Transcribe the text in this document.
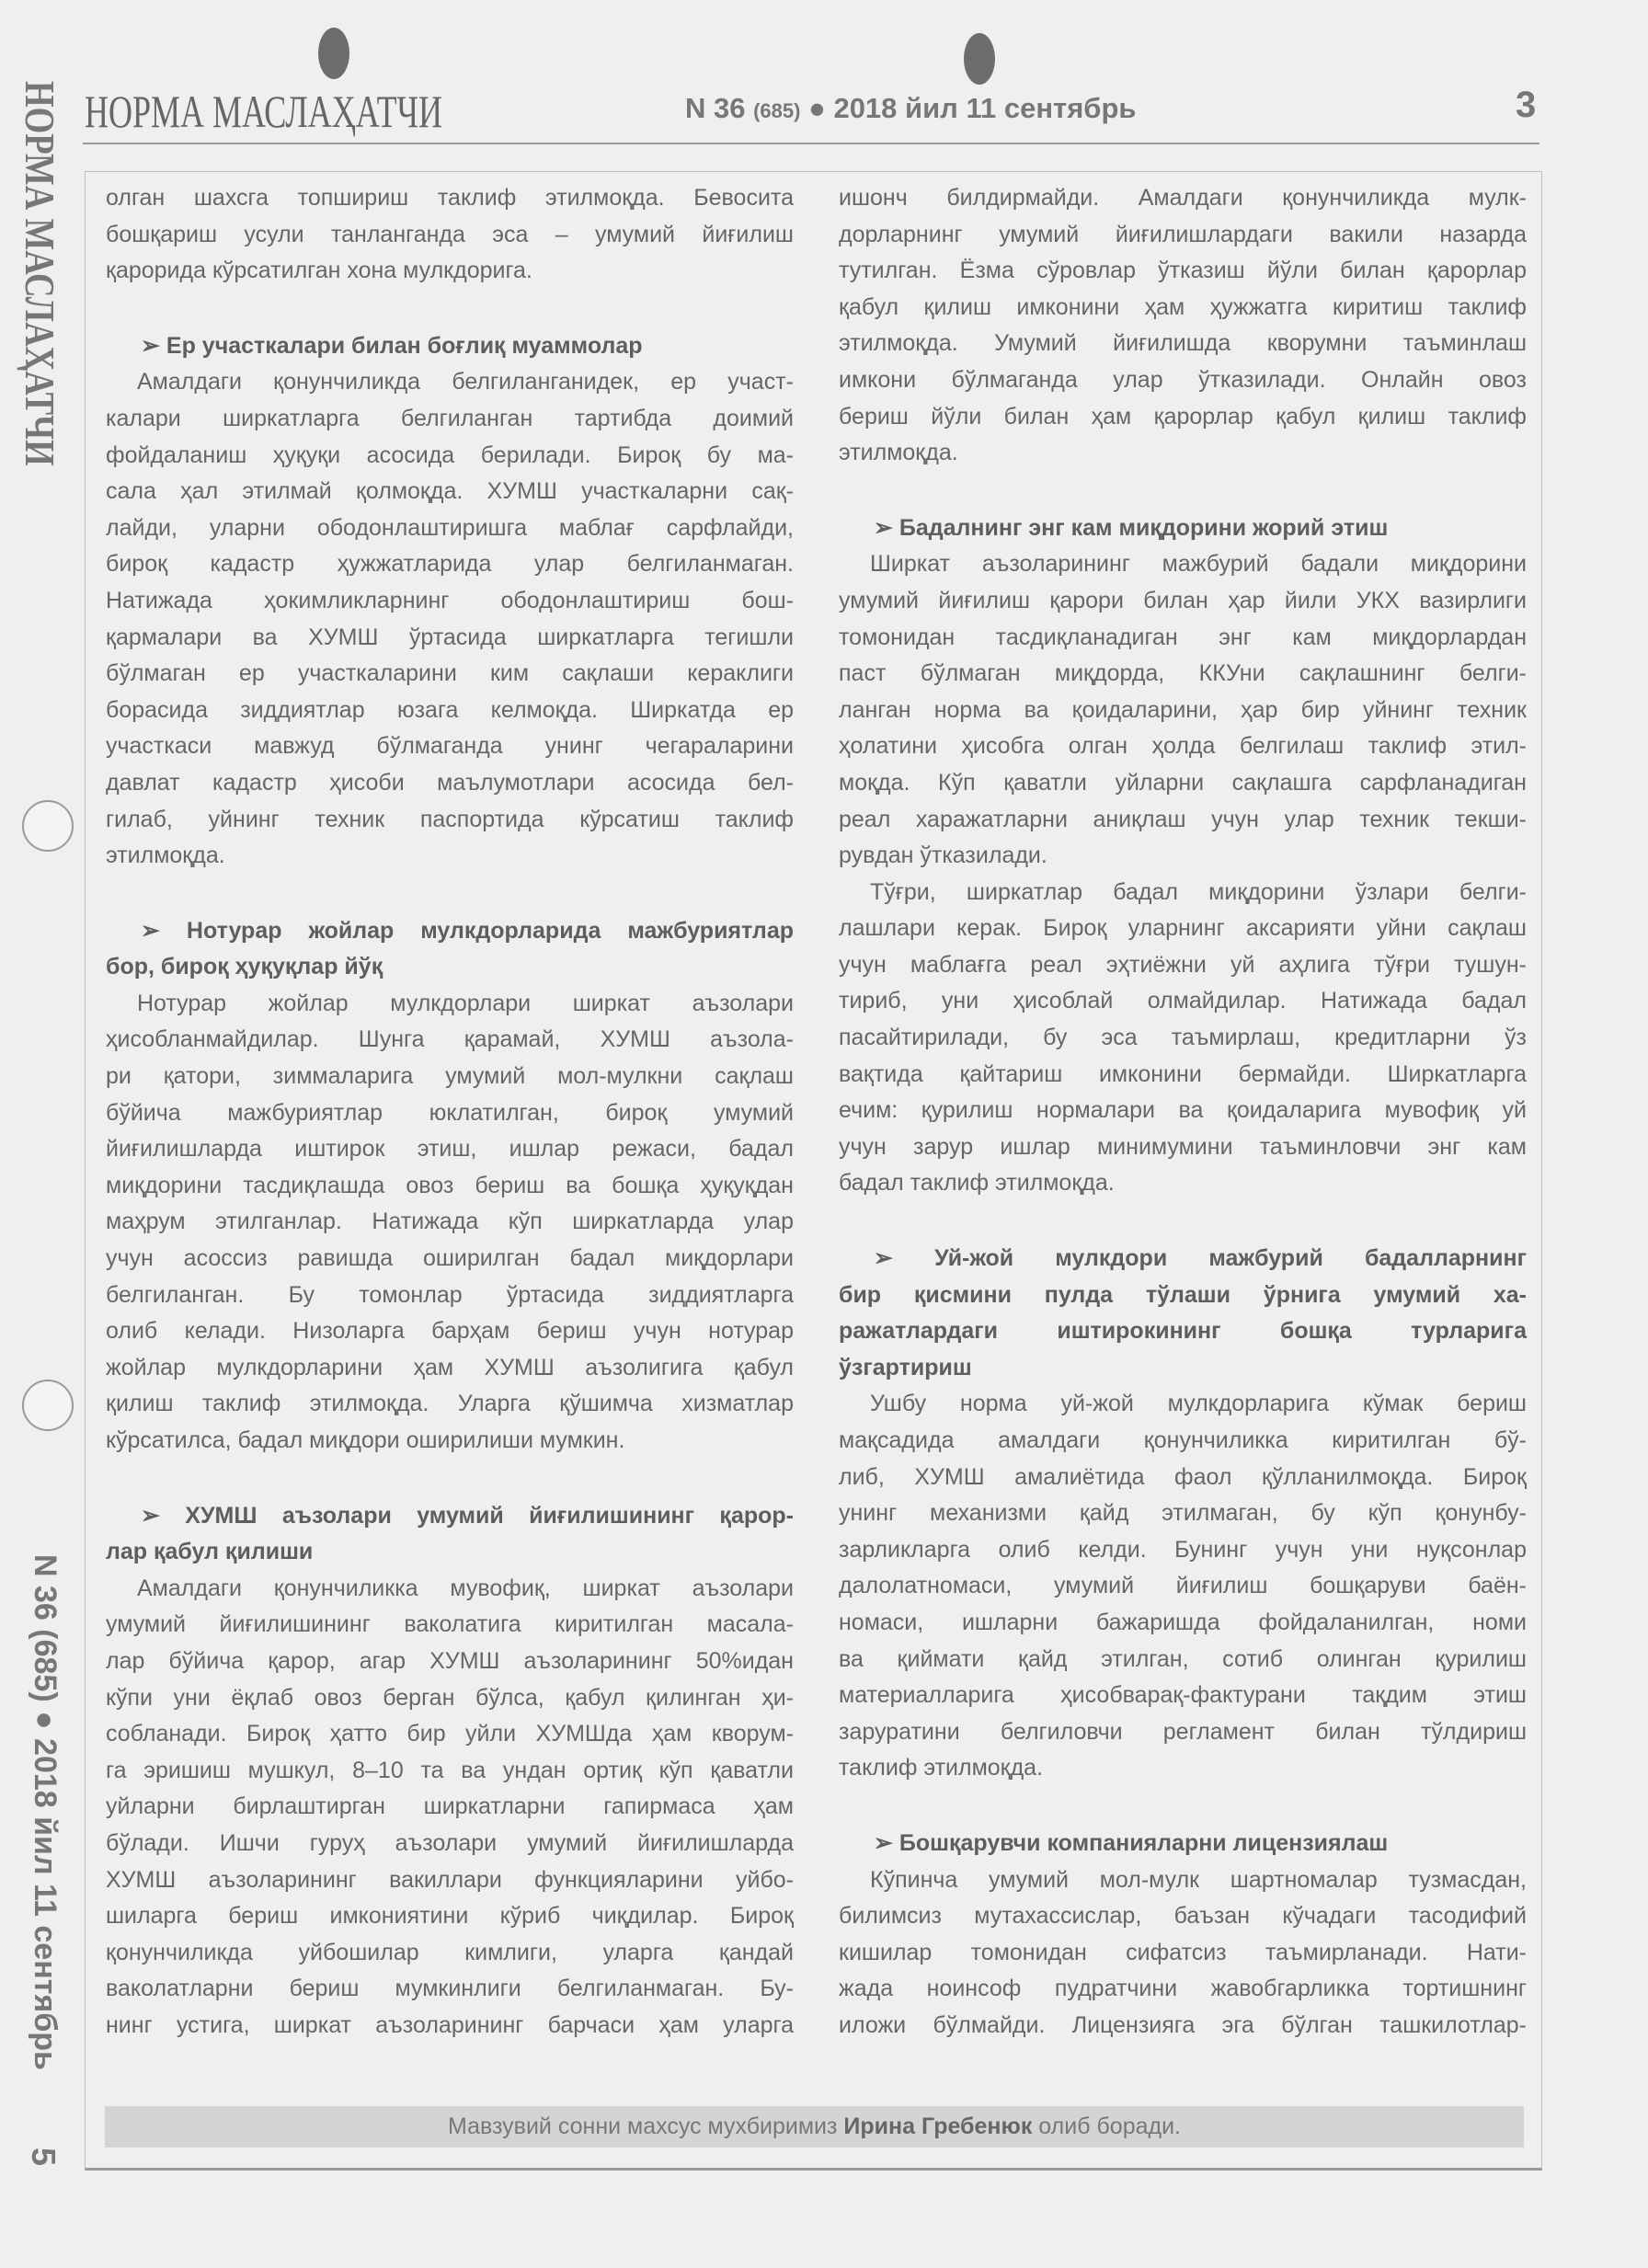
НОРМА МАСЛАҲАТЧИ
N 36 (685) ● 2018 йил 11 сентябрь
5
НОРМА МАСЛАҲАТЧИ	N 36 (685) ● 2018 йил 11 сентябрь	3
олган шахсга топшириш таклиф этилмоқда. Бевосита
бошқариш усули танланганда эса – умумий йиғилиш
қарорида кўрсатилган хона мулкдорига.
➢ Ер участкалари билан боғлиқ муаммолар
Амалдаги қонунчиликда белгиланганидек, ер участ-
калари ширкатларга белгиланган тартибда доимий
фойдаланиш ҳуқуқи асосида берилади. Бироқ бу ма-
сала ҳал этилмай қолмоқда. ХУМШ участкаларни сақ-
лайди, уларни ободонлаштиришга маблағ сарфлайди,
бироқ кадастр ҳужжатларида улар белгиланмаган.
Натижада ҳокимликларнинг ободонлаштириш бош-
қармалари ва ХУМШ ўртасида ширкатларга тегишли
бўлмаган ер участкаларини ким сақлаши кераклиги
борасида зиддиятлар юзага келмоқда. Ширкатда ер
участкаси мавжуд бўлмаганда унинг чегараларини
давлат кадастр ҳисоби маълумотлари асосида бел-
гилаб, уйнинг техник паспортида кўрсатиш таклиф
этилмоқда.
➢ Нотурар жойлар мулкдорларида мажбуриятлар
бор, бироқ ҳуқуқлар йўқ
Нотурар жойлар мулкдорлари ширкат аъзолари
ҳисобланмайдилар. Шунга қарамай, ХУМШ аъзола-
ри қатори, зиммаларига умумий мол-мулкни сақлаш
бўйича мажбуриятлар юклатилган, бироқ умумий
йиғилишларда иштирок этиш, ишлар режаси, бадал
миқдорини тасдиқлашда овоз бериш ва бошқа ҳуқуқдан
маҳрум этилганлар. Натижада кўп ширкатларда улар
учун асоссиз равишда оширилган бадал миқдорлари
белгиланган. Бу томонлар ўртасида зиддиятларга
олиб келади. Низоларга барҳам бериш учун нотурар
жойлар мулкдорларини ҳам ХУМШ аъзолигига қабул
қилиш таклиф этилмоқда. Уларга қўшимча хизматлар
кўрсатилса, бадал миқдори оширилиши мумкин.
➢ ХУМШ аъзолари умумий йиғилишининг қарор-
лар қабул қилиши
Амалдаги қонунчиликка мувофиқ, ширкат аъзолари
умумий йиғилишининг ваколатига киритилган масала-
лар бўйича қарор, агар ХУМШ аъзоларининг 50%идан
кўпи уни ёқлаб овоз берган бўлса, қабул қилинган ҳи-
собланади. Бироқ ҳатто бир уйли ХУМШда ҳам кворум-
га эришиш мушкул, 8–10 та ва ундан ортиқ кўп қаватли
уйларни бирлаштирган ширкатларни гапирмаса ҳам
бўлади. Ишчи гуруҳ аъзолари умумий йиғилишларда
ХУМШ аъзоларининг вакиллари функцияларини уйбо-
шиларга бериш имкониятини кўриб чиқдилар. Бироқ
қонунчиликда уйбошилар кимлиги, уларга қандай
ваколатларни бериш мумкинлиги белгиланмаган. Бу-
нинг устига, ширкат аъзоларининг барчаси ҳам уларга
ишонч билдирмайди. Амалдаги қонунчиликда мулк-
дорларнинг умумий йиғилишлардаги вакили назарда
тутилган. Ёзма сўровлар ўтказиш йўли билан қарорлар
қабул қилиш имконини ҳам ҳужжатга киритиш таклиф
этилмоқда. Умумий йиғилишда кворумни таъминлаш
имкони бўлмаганда улар ўтказилади. Онлайн овоз
бериш йўли билан ҳам қарорлар қабул қилиш таклиф
этилмоқда.
➢ Бадалнинг энг кам миқдорини жорий этиш
Ширкат аъзоларининг мажбурий бадали миқдорини
умумий йиғилиш қарори билан ҳар йили УКХ вазирлиги
томонидан тасдиқланадиган энг кам миқдорлардан
паст бўлмаган миқдорда, ККУни сақлашнинг белги-
ланган норма ва қоидаларини, ҳар бир уйнинг техник
ҳолатини ҳисобга олган ҳолда белгилаш таклиф этил-
моқда. Кўп қаватли уйларни сақлашга сарфланадиган
реал харажатларни аниқлаш учун улар техник текши-
рувдан ўтказилади.
Тўғри, ширкатлар бадал миқдорини ўзлари белги-
лашлари керак. Бироқ уларнинг аксарияти уйни сақлаш
учун маблағга реал эҳтиёжни уй аҳлига тўғри тушун-
тириб, уни ҳисоблай олмайдилар. Натижада бадал
пасайтирилади, бу эса таъмирлаш, кредитларни ўз
вақтида қайтариш имконини бермайди. Ширкатларга
ечим: қурилиш нормалари ва қоидаларига мувофиқ уй
учун зарур ишлар минимумини таъминловчи энг кам
бадал таклиф этилмоқда.
➢ Уй-жой мулкдори мажбурий бадалларнинг
бир қисмини пулда тўлаши ўрнига умумий ха-
ражатлардаги иштирокининг бошқа турларига
ўзгартириш
Ушбу норма уй-жой мулкдорларига кўмак бериш
мақсадида амалдаги қонунчиликка киритилган бў-
либ, ХУМШ амалиётида фаол қўлланилмоқда. Бироқ
унинг механизми қайд этилмаган, бу кўп қонунбу-
зарликларга олиб келди. Бунинг учун уни нуқсонлар
далолатномаси, умумий йиғилиш бошқаруви баён-
номаси, ишларни бажаришда фойдаланилган, номи
ва қиймати қайд этилган, сотиб олинган қурилиш
материалларига ҳисобварақ-фактурани тақдим этиш
заруратини белгиловчи регламент билан тўлдириш
таклиф этилмоқда.
➢ Бошқарувчи компанияларни лицензиялаш
Кўпинча умумий мол-мулк шартномалар тузмасдан,
билимсиз мутахассислар, баъзан кўчадаги тасодифий
кишилар томонидан сифатсиз таъмирланади. Нати-
жада ноинсоф пудратчини жавобгарликка тортишнинг
иложи бўлмайди. Лицензияга эга бўлган ташкилотлар-
Мавзувий сонни махсус мухбиримиз Ирина Гребенюк олиб боради.
